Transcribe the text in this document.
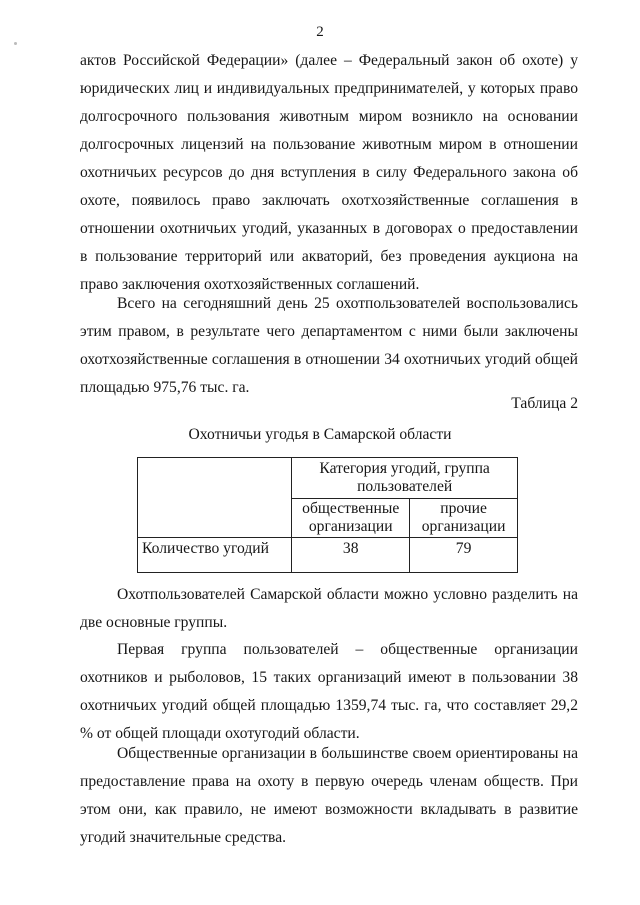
2

актов Российской Федерации» (далее – Федеральный закон об охоте) у юридических лиц и индивидуальных предпринимателей, у которых право долгосрочного пользования животным миром возникло на основании долгосрочных лицензий на пользование животным миром в отношении охотничьих ресурсов до дня вступления в силу Федерального закона об охоте, появилось право заключать охотхозяйственные соглашения в отношении охотничьих угодий, указанных в договорах о предоставлении в пользование территорий или акваторий, без проведения аукциона на право заключения охотхозяйственных соглашений.

Всего на сегодняшний день 25 охотпользователей воспользовались этим правом, в результате чего департаментом с ними были заключены охотхозяйственные соглашения в отношении 34 охотничьих угодий общей площадью 975,76 тыс. га.

Таблица 2
Охотничьи угодья в Самарской области
	Категория угодий, группа пользователей	
	общественные организации	прочие организации
Количество угодий	38	79

Охотпользователей Самарской области можно условно разделить на две основные группы.

Первая группа пользователей – общественные организации охотников и рыболовов, 15 таких организаций имеют в пользовании 38 охотничьих угодий общей площадью 1359,74 тыс. га, что составляет 29,2 % от общей площади охотугодий области.

Общественные организации в большинстве своем ориентированы на предоставление права на охоту в первую очередь членам обществ. При этом они, как правило, не имеют возможности вкладывать в развитие угодий значительные средства.
